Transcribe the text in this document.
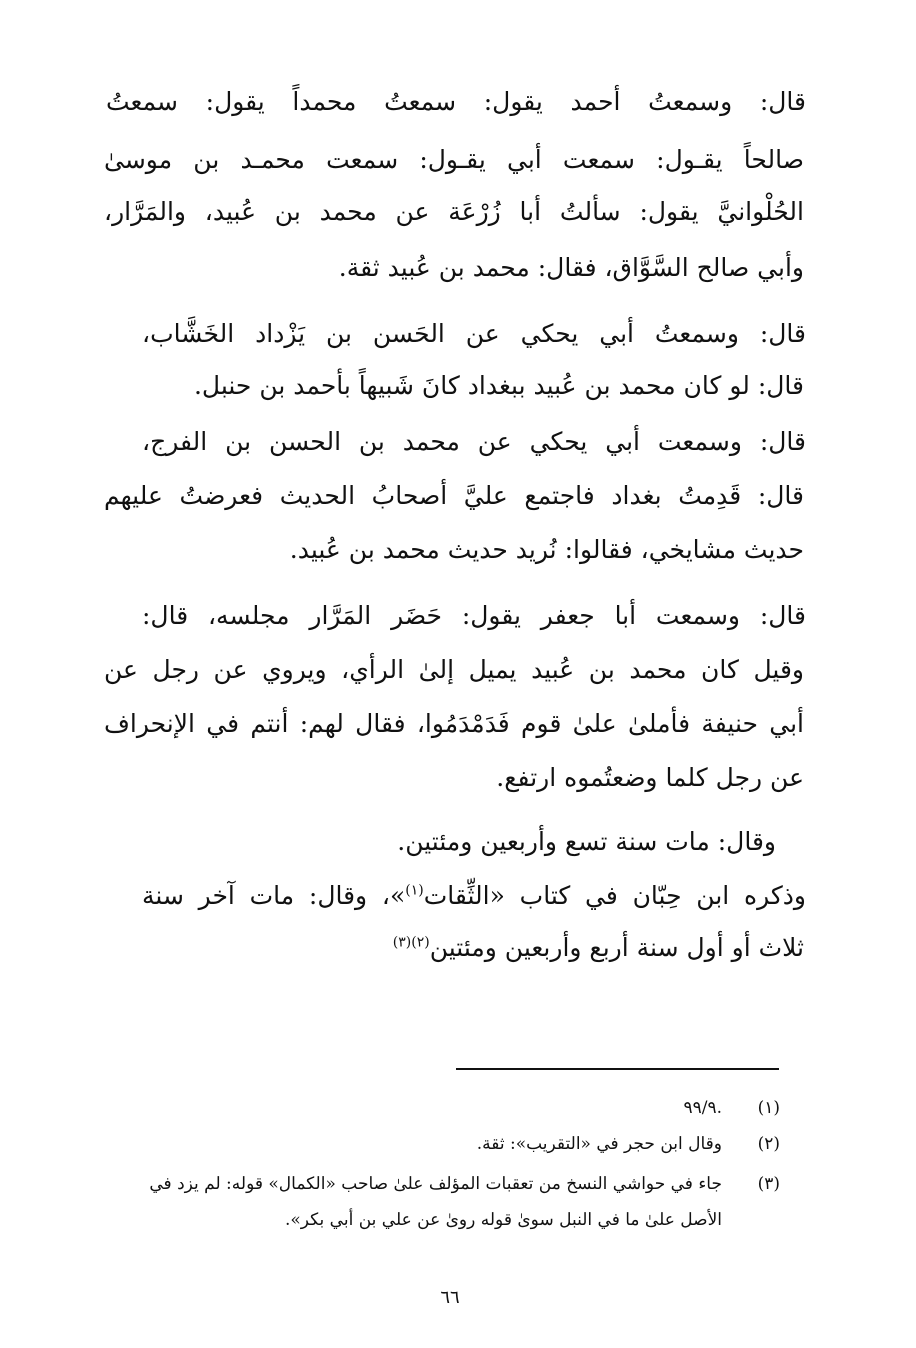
قال: وسمعتُ أحمد يقول: سمعتُ محمداً يقول: سمعتُ
صالحاً يقـول: سمعت أبي يقـول: سمعت محمـد بن موسىٰ
الحُلْوانيَّ يقول: سألتُ أبا زُرْعَة عن محمد بن عُبيد، والمَرَّار،
وأبي صالح السَّوَّاق، فقال: محمد بن عُبيد ثقة.
قال: وسمعتُ أبي يحكي عن الحَسن بن يَزْداد الخَشَّاب،
قال: لو كان محمد بن عُبيد ببغداد كانَ شَبيهاً بأحمد بن حنبل.
قال: وسمعت أبي يحكي عن محمد بن الحسن بن الفرج،
قال: قَدِمتُ بغداد فاجتمع عليَّ أصحابُ الحديث فعرضتُ عليهم
حديث مشايخي، فقالوا: نُريد حديث محمد بن عُبيد.
قال: وسمعت أبا جعفر يقول: حَضَر المَرَّار مجلسه، قال:
وقيل كان محمد بن عُبيد يميل إلىٰ الرأي، ويروي عن رجل عن
أبي حنيفة فأملىٰ علىٰ قوم فَدَمْدَمُوا، فقال لهم: أنتم في الإنحراف
عن رجل كلما وضعتُموه ارتفع.
وقال: مات سنة تسع وأربعين ومئتين.
وذكره ابن حِبّان في كتاب «الثِّقات$^{(١)}$»، وقال: مات آخر سنة
ثلاث أو أول سنة أربع وأربعين ومئتين$^{(٢)(٣)}$
(١).٩٩/٩
(٢)وقال ابن حجر في «التقريب»: ثقة.
(٣)جاء في حواشي النسخ من تعقبات المؤلف علىٰ صاحب «الكمال» قوله: لم يزد في
الأصل علىٰ ما في النبل سوىٰ قوله روىٰ عن علي بن أبي بكر».
٦٦
